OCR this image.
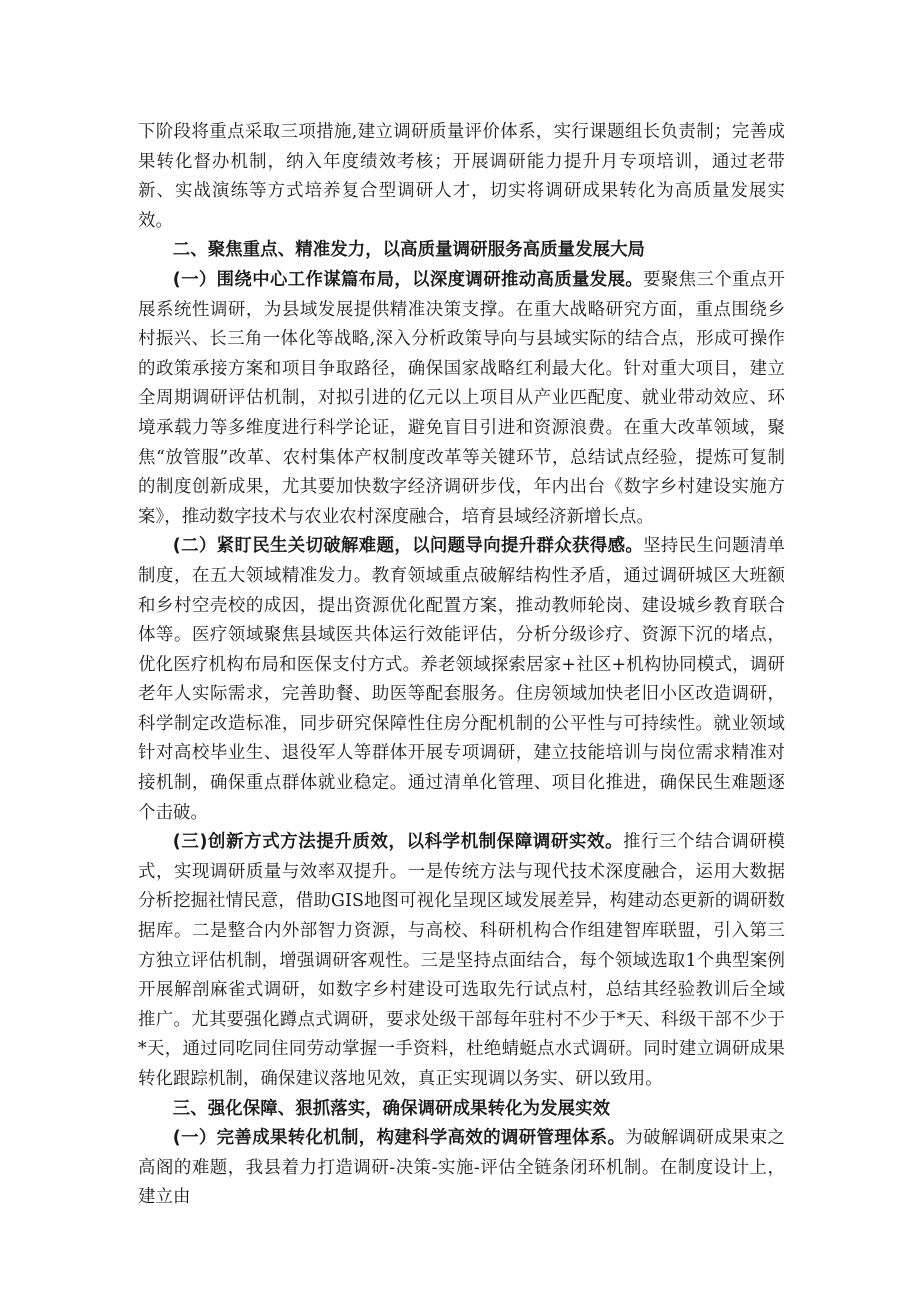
下阶段将重点采取三项措施,建立调研质量评价体系，实行课题组长负责制；完善成果转化督办机制，纳入年度绩效考核；开展调研能力提升月专项培训，通过老带新、实战演练等方式培养复合型调研人才，切实将调研成果转化为高质量发展实效。

二、聚焦重点、精准发力，以高质量调研服务高质量发展大局

(一）围绕中心工作谋篇布局，以深度调研推动高质量发展。要聚焦三个重点开展系统性调研，为县域发展提供精准决策支撑。在重大战略研究方面，重点围绕乡村振兴、长三角一体化等战略,深入分析政策导向与县域实际的结合点，形成可操作的政策承接方案和项目争取路径，确保国家战略红利最大化。针对重大项目，建立全周期调研评估机制，对拟引进的亿元以上项目从产业匹配度、就业带动效应、环境承载力等多维度进行科学论证，避免盲目引进和资源浪费。在重大改革领域，聚焦“放管服”改革、农村集体产权制度改革等关键环节，总结试点经验，提炼可复制的制度创新成果，尤其要加快数字经济调研步伐，年内出台《数字乡村建设实施方案》，推动数字技术与农业农村深度融合，培育县域经济新增长点。

(二）紧盯民生关切破解难题，以问题导向提升群众获得感。坚持民生问题清单制度，在五大领域精准发力。教育领域重点破解结构性矛盾，通过调研城区大班额和乡村空壳校的成因，提出资源优化配置方案，推动教师轮岗、建设城乡教育联合体等。医疗领域聚焦县域医共体运行效能评估，分析分级诊疗、资源下沉的堵点，优化医疗机构布局和医保支付方式。养老领域探索居家+社区+机构协同模式，调研老年人实际需求，完善助餐、助医等配套服务。住房领域加快老旧小区改造调研，科学制定改造标准，同步研究保障性住房分配机制的公平性与可持续性。就业领域针对高校毕业生、退役军人等群体开展专项调研，建立技能培训与岗位需求精准对接机制，确保重点群体就业稳定。通过清单化管理、项目化推进，确保民生难题逐个击破。

(三)创新方式方法提升质效，以科学机制保障调研实效。推行三个结合调研模式，实现调研质量与效率双提升。一是传统方法与现代技术深度融合，运用大数据分析挖掘社情民意，借助GIS地图可视化呈现区域发展差异，构建动态更新的调研数据库。二是整合内外部智力资源，与高校、科研机构合作组建智库联盟，引入第三方独立评估机制，增强调研客观性。三是坚持点面结合，每个领域选取1个典型案例开展解剖麻雀式调研，如数字乡村建设可选取先行试点村，总结其经验教训后全域推广。尤其要强化蹲点式调研，要求处级干部每年驻村不少于*天、科级干部不少于*天，通过同吃同住同劳动掌握一手资料，杜绝蜻蜓点水式调研。同时建立调研成果转化跟踪机制，确保建议落地见效，真正实现调以务实、研以致用。

三、强化保障、狠抓落实，确保调研成果转化为发展实效

(一）完善成果转化机制，构建科学高效的调研管理体系。为破解调研成果束之高阁的难题，我县着力打造调研-决策-实施-评估全链条闭环机制。在制度设计上，建立由
